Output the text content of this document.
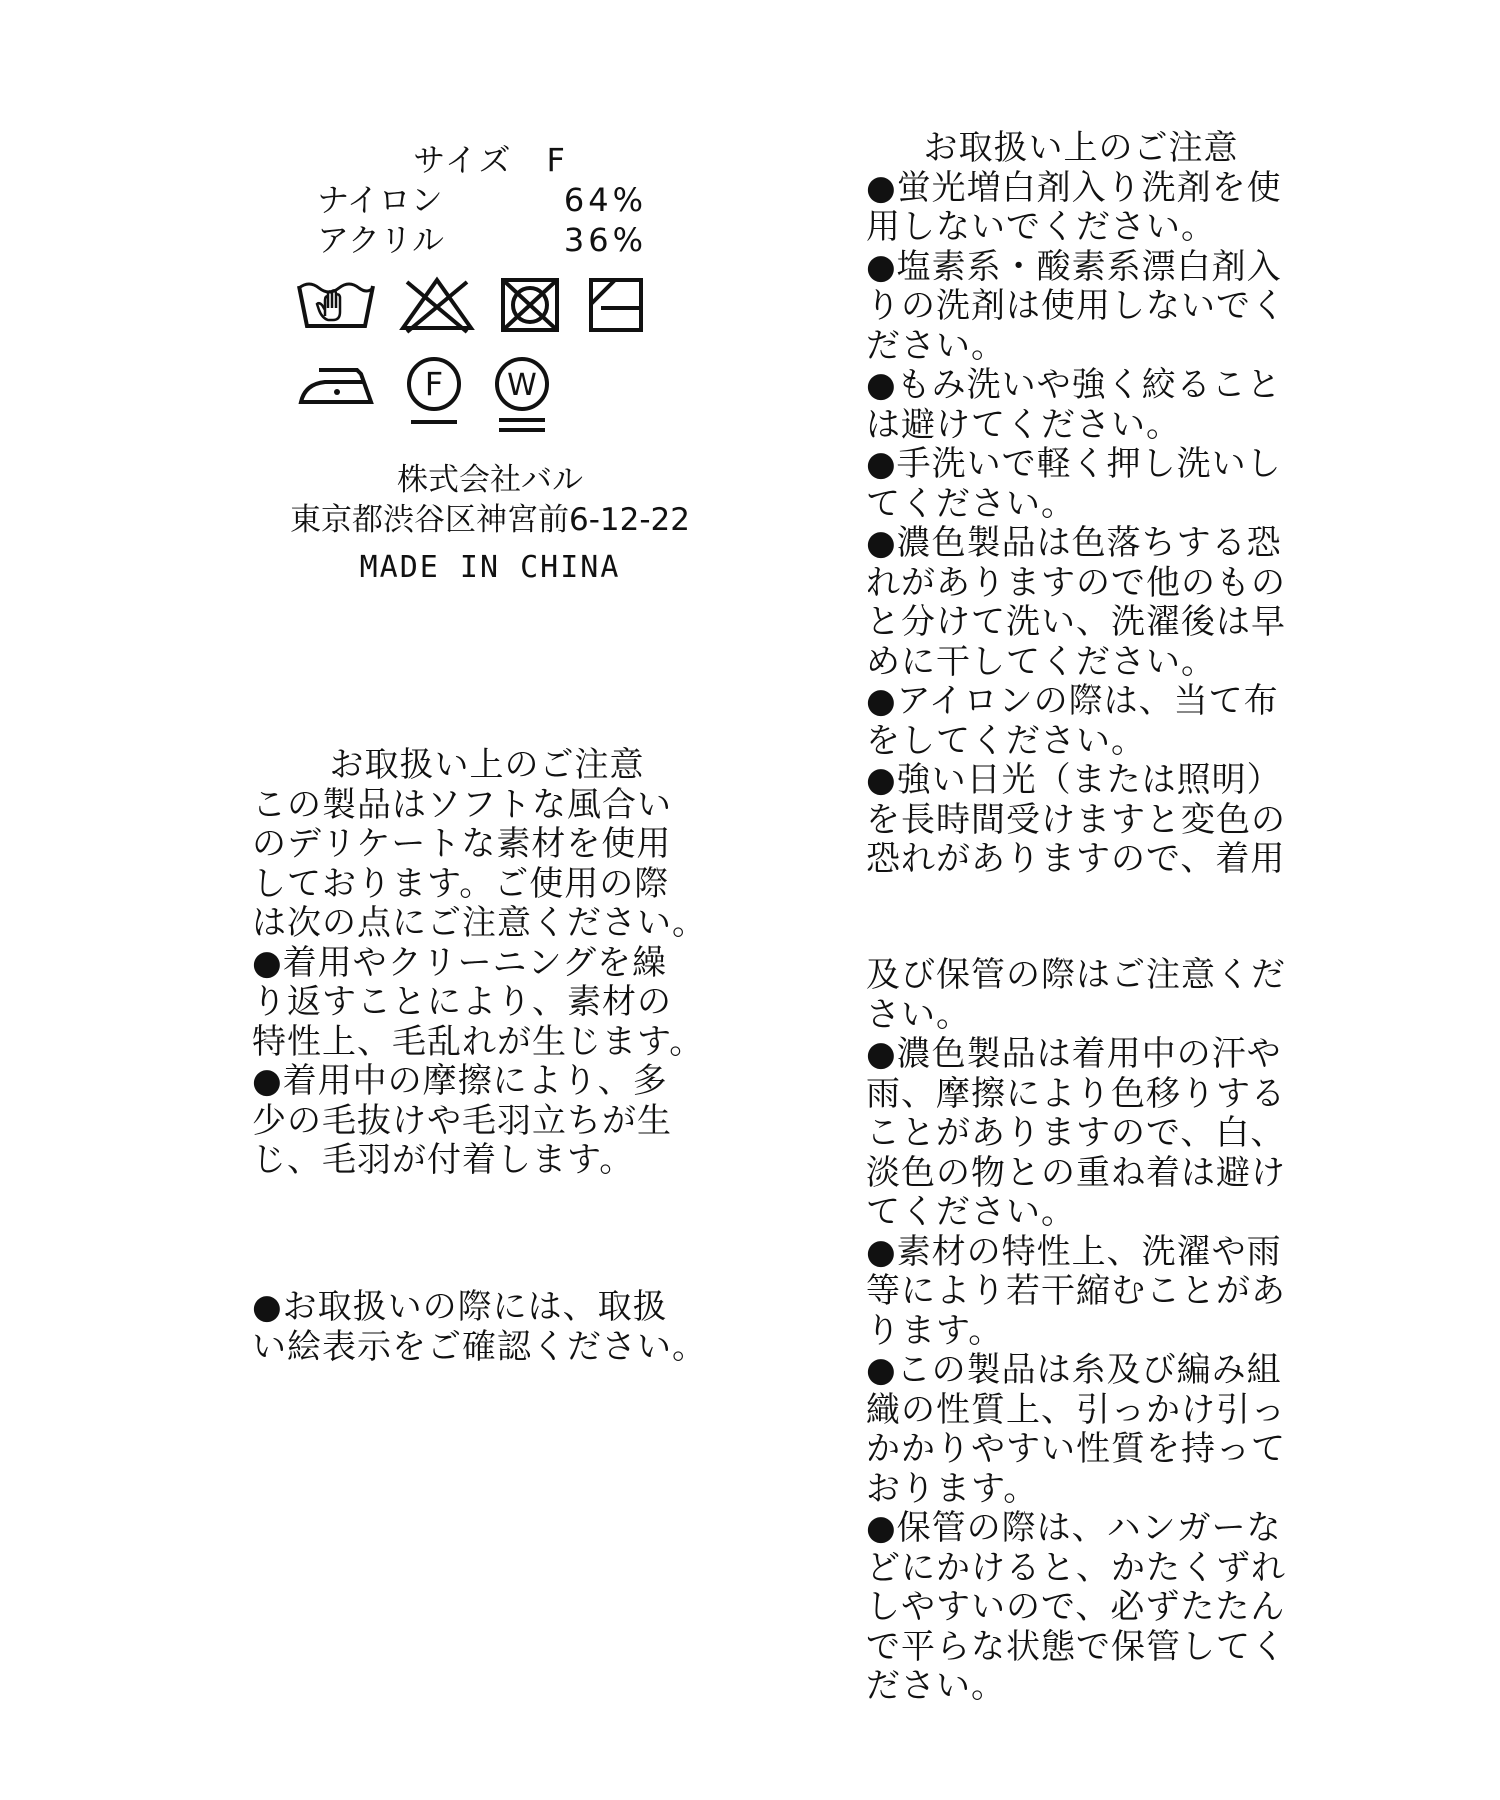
サイズ　F
ナイロン	64%
アクリル	36%
F W
株式会社バル
東京都渋谷区神宮前6-12-22
MADE IN CHINA
お取扱い上のご注意
この製品はソフトな風合い
のデリケートな素材を使用
しております。ご使用の際
は次の点にご注意ください。
●着用やクリーニングを繰
り返すことにより、素材の
特性上、毛乱れが生じます。
●着用中の摩擦により、多
少の毛抜けや毛羽立ちが生
じ、毛羽が付着します。
●お取扱いの際には、取扱
い絵表示をご確認ください。
お取扱い上のご注意
●蛍光増白剤入り洗剤を使
用しないでください。
●塩素系・酸素系漂白剤入
りの洗剤は使用しないでく
ださい。
●もみ洗いや強く絞ること
は避けてください。
●手洗いで軽く押し洗いし
てください。
●濃色製品は色落ちする恐
れがありますので他のもの
と分けて洗い、洗濯後は早
めに干してください。
●アイロンの際は、当て布
をしてください。
●強い日光（または照明）
を長時間受けますと変色の
恐れがありますので、着用
及び保管の際はご注意くだ
さい。
●濃色製品は着用中の汗や
雨、摩擦により色移りする
ことがありますので、白、
淡色の物との重ね着は避け
てください。
●素材の特性上、洗濯や雨
等により若干縮むことがあ
ります。
●この製品は糸及び編み組
織の性質上、引っかけ引っ
かかりやすい性質を持って
おります。
●保管の際は、ハンガーな
どにかけると、かたくずれ
しやすいので、必ずたたん
で平らな状態で保管してく
ださい。
